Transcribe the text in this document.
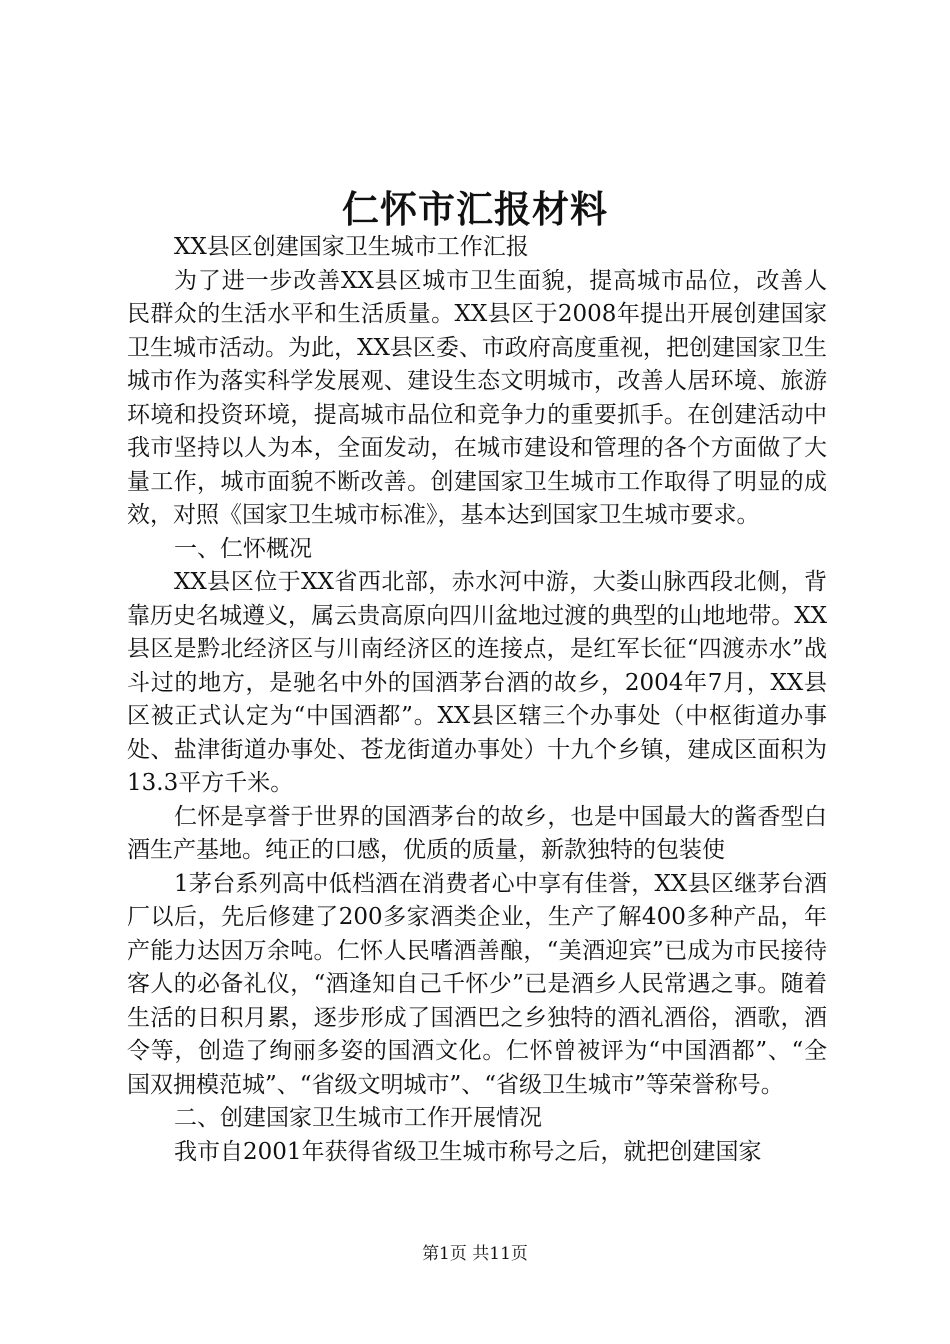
仁怀市汇报材料

XX县区创建国家卫生城市工作汇报

为了进一步改善XX县区城市卫生面貌，提高城市品位，改善人民群众的生活水平和生活质量。XX县区于2008年提出开展创建国家卫生城市活动。为此，XX县区委、市政府高度重视，把创建国家卫生城市作为落实科学发展观、建设生态文明城市，改善人居环境、旅游环境和投资环境，提高城市品位和竞争力的重要抓手。在创建活动中我市坚持以人为本，全面发动，在城市建设和管理的各个方面做了大量工作，城市面貌不断改善。创建国家卫生城市工作取得了明显的成效，对照《国家卫生城市标准》，基本达到国家卫生城市要求。

一、仁怀概况

XX县区位于XX省西北部，赤水河中游，大娄山脉西段北侧，背靠历史名城遵义，属云贵高原向四川盆地过渡的典型的山地地带。XX县区是黔北经济区与川南经济区的连接点，是红军长征“四渡赤水”战斗过的地方，是驰名中外的国酒茅台酒的故乡，2004年7月，XX县区被正式认定为“中国酒都”。XX县区辖三个办事处（中枢街道办事处、盐津街道办事处、苍龙街道办事处）十九个乡镇，建成区面积为13.3平方千米。

仁怀是享誉于世界的国酒茅台的故乡，也是中国最大的酱香型白酒生产基地。纯正的口感，优质的质量，新款独特的包装使

1茅台系列高中低档酒在消费者心中享有佳誉，XX县区继茅台酒厂以后，先后修建了200多家酒类企业，生产了解400多种产品，年产能力达因万余吨。仁怀人民嗜酒善酿，“美酒迎宾”已成为市民接待客人的必备礼仪，“酒逢知自己千怀少”已是酒乡人民常遇之事。随着生活的日积月累，逐步形成了国酒巴之乡独特的酒礼酒俗，酒歌，酒令等，创造了绚丽多姿的国酒文化。仁怀曾被评为“中国酒都”、“全国双拥模范城”、“省级文明城市”、“省级卫生城市”等荣誉称号。

二、创建国家卫生城市工作开展情况

我市自2001年获得省级卫生城市称号之后，就把创建国家

第1页 共11页
